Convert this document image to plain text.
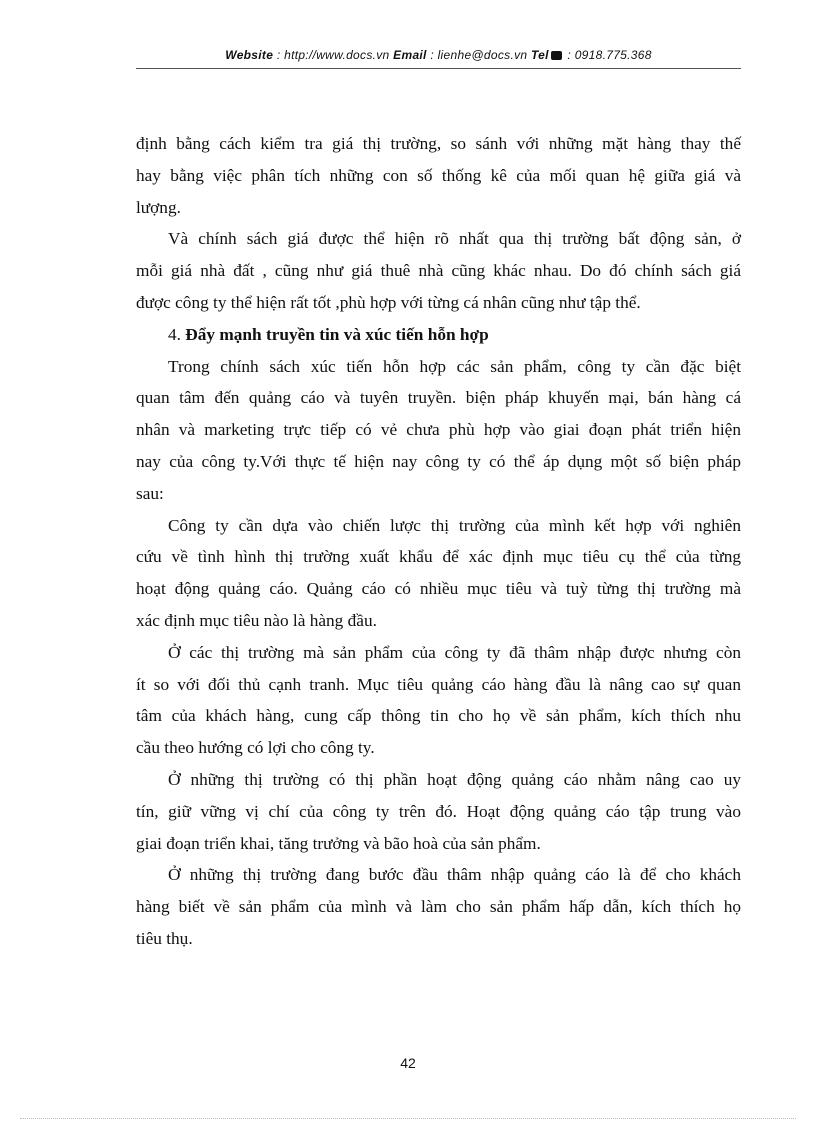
Website : http://www.docs.vn Email : lienhe@docs.vn Tel : 0918.775.368
định bằng cách kiểm tra giá thị trường, so sánh với những mặt hàng thay thế
hay bằng việc phân tích những con số thống kê của mối quan hệ giữa giá và
lượng.
Và chính sách giá được thể hiện rõ nhất qua thị trường bất động sản, ở
mỗi giá nhà đất , cũng như giá thuê nhà cũng khác nhau. Do đó chính sách giá
được công ty thể hiện rất tốt ,phù hợp với từng cá nhân cũng như tập thể.
4. Đẩy mạnh truyền tin và xúc tiến hỗn hợp
Trong chính sách xúc tiến hỗn hợp các sản phẩm, công ty cần đặc biệt
quan tâm đến quảng cáo và tuyên truyền. biện pháp khuyến mại, bán hàng cá
nhân và marketing trực tiếp có vẻ chưa phù hợp vào giai đoạn phát triển hiện
nay của công ty.Với thực tế hiện nay công ty có thể áp dụng một số biện pháp
sau:
Công ty cần dựa vào chiến lược thị trường của mình kết hợp với nghiên
cứu về tình hình thị trường xuất khẩu để xác định mục tiêu cụ thể của từng
hoạt động quảng cáo. Quảng cáo có nhiều mục tiêu và tuỳ từng thị trường mà
xác định mục tiêu nào là hàng đầu.
Ở các thị trường mà sản phẩm của công ty đã thâm nhập được nhưng còn
ít so với đối thủ cạnh tranh. Mục tiêu quảng cáo hàng đầu là nâng cao sự quan
tâm của khách hàng, cung cấp thông tin cho họ về sản phẩm, kích thích nhu
cầu theo hướng có lợi cho công ty.
Ở những thị trường có thị phần hoạt động quảng cáo nhằm nâng cao uy
tín, giữ vững vị chí của công ty trên đó. Hoạt động quảng cáo tập trung vào
giai đoạn triển khai, tăng trưởng và bão hoà của sản phẩm.
Ở những thị trường đang bước đầu thâm nhập quảng cáo là để cho khách
hàng biết về sản phẩm của mình và làm cho sản phẩm hấp dẫn, kích thích họ
tiêu thụ.
42
